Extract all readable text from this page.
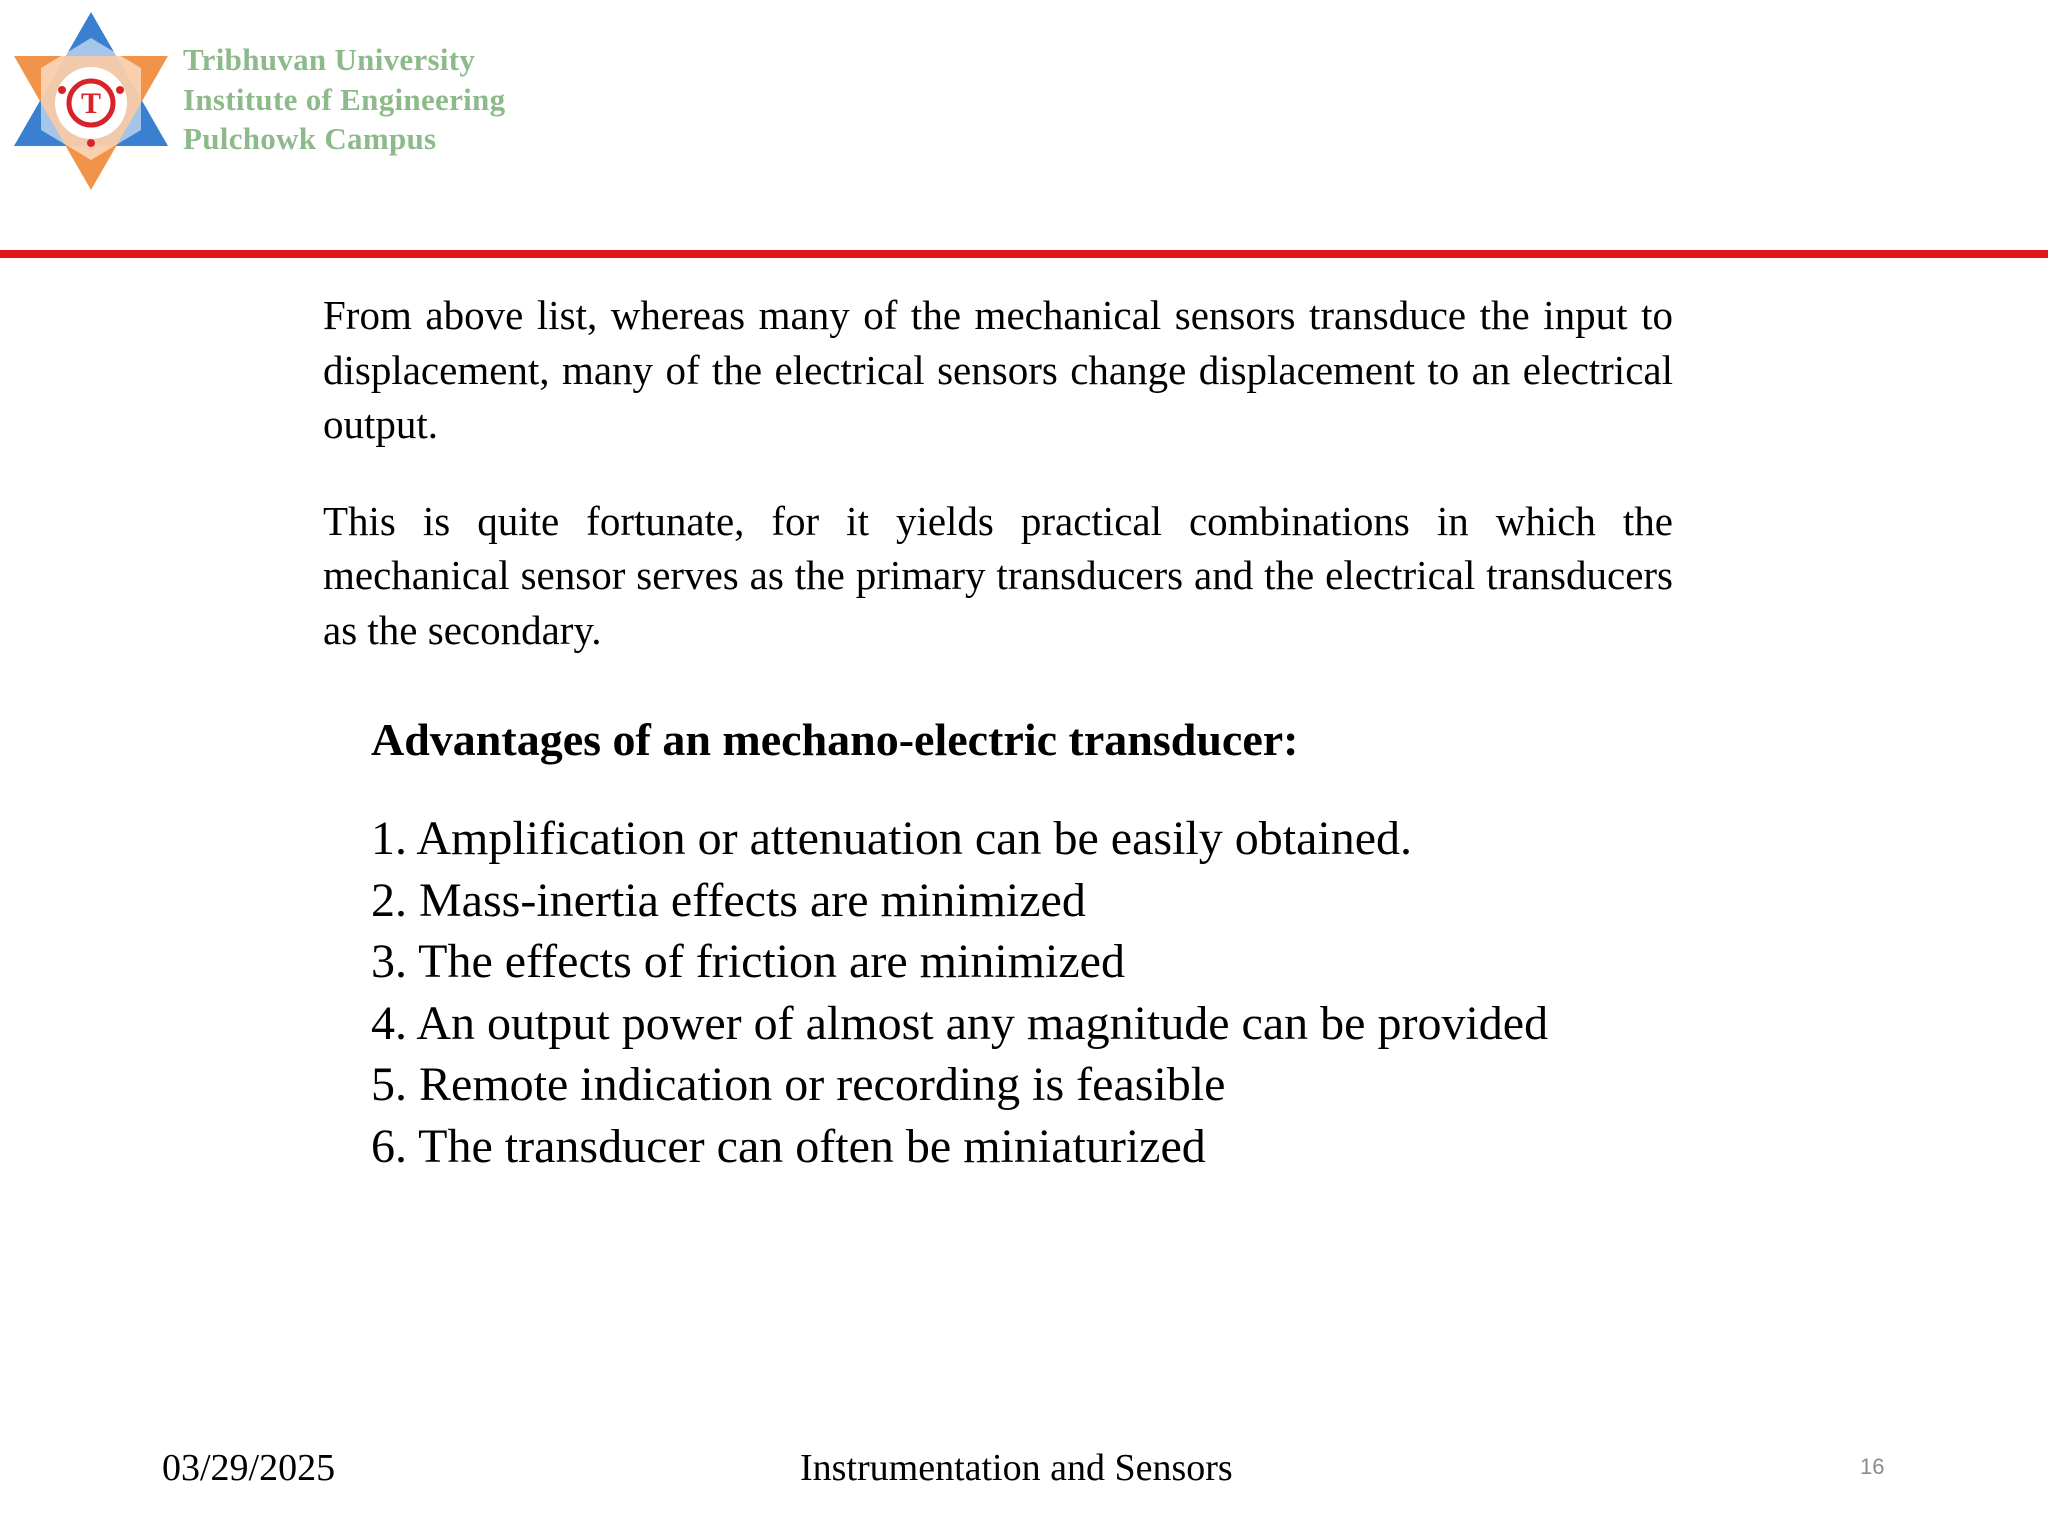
T
Tribhuvan University
Institute of Engineering
Pulchowk Campus

From above list, whereas many of the mechanical sensors transduce the input to displacement, many of the electrical sensors change displacement to an electrical output.

This is quite fortunate, for it yields practical combinations in which the mechanical sensor serves as the primary transducers and the electrical transducers as the secondary.

Advantages of an mechano-electric transducer:
1. Amplification or attenuation can be easily obtained.
2. Mass-inertia effects are minimized
3. The effects of friction are minimized
4. An output power of almost any magnitude can be provided
5. Remote indication or recording is feasible
6. The transducer can often be miniaturized
03/29/2025	Instrumentation and Sensors	16
